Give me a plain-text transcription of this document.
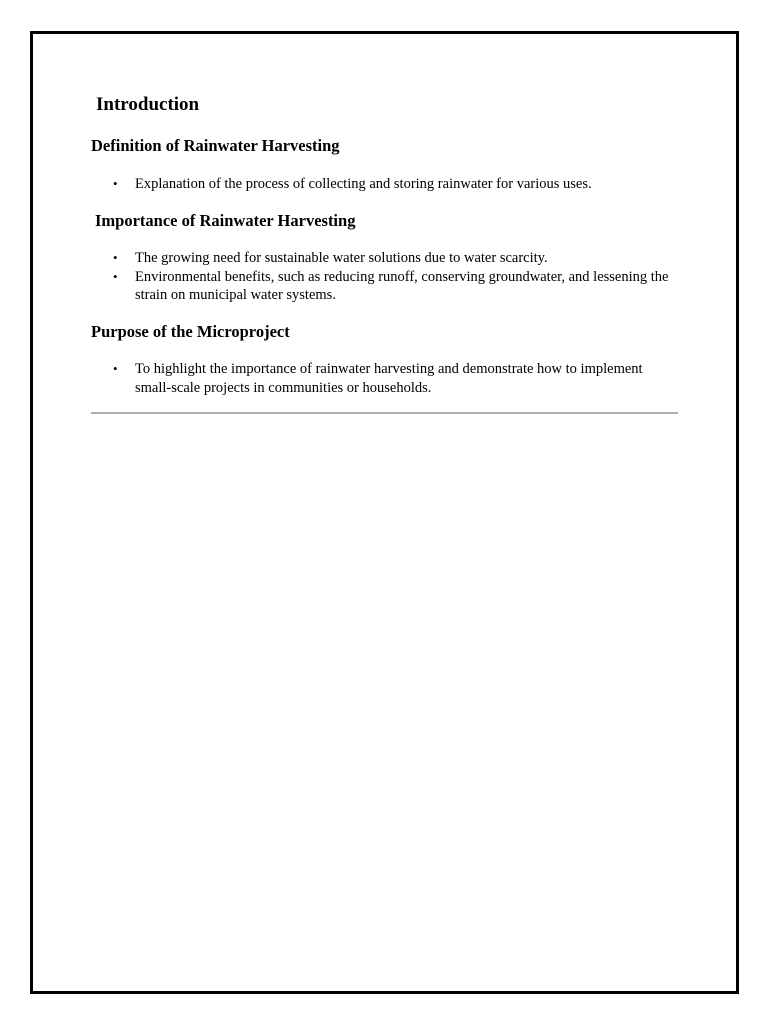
Introduction
Definition of Rainwater Harvesting
• Explanation of the process of collecting and storing rainwater for various uses.
Importance of Rainwater Harvesting
• The growing need for sustainable water solutions due to water scarcity.
• Environmental benefits, such as reducing runoff, conserving groundwater, and lessening the strain on municipal water systems.
Purpose of the Microproject
• To highlight the importance of rainwater harvesting and demonstrate how to implement small-scale projects in communities or households.
